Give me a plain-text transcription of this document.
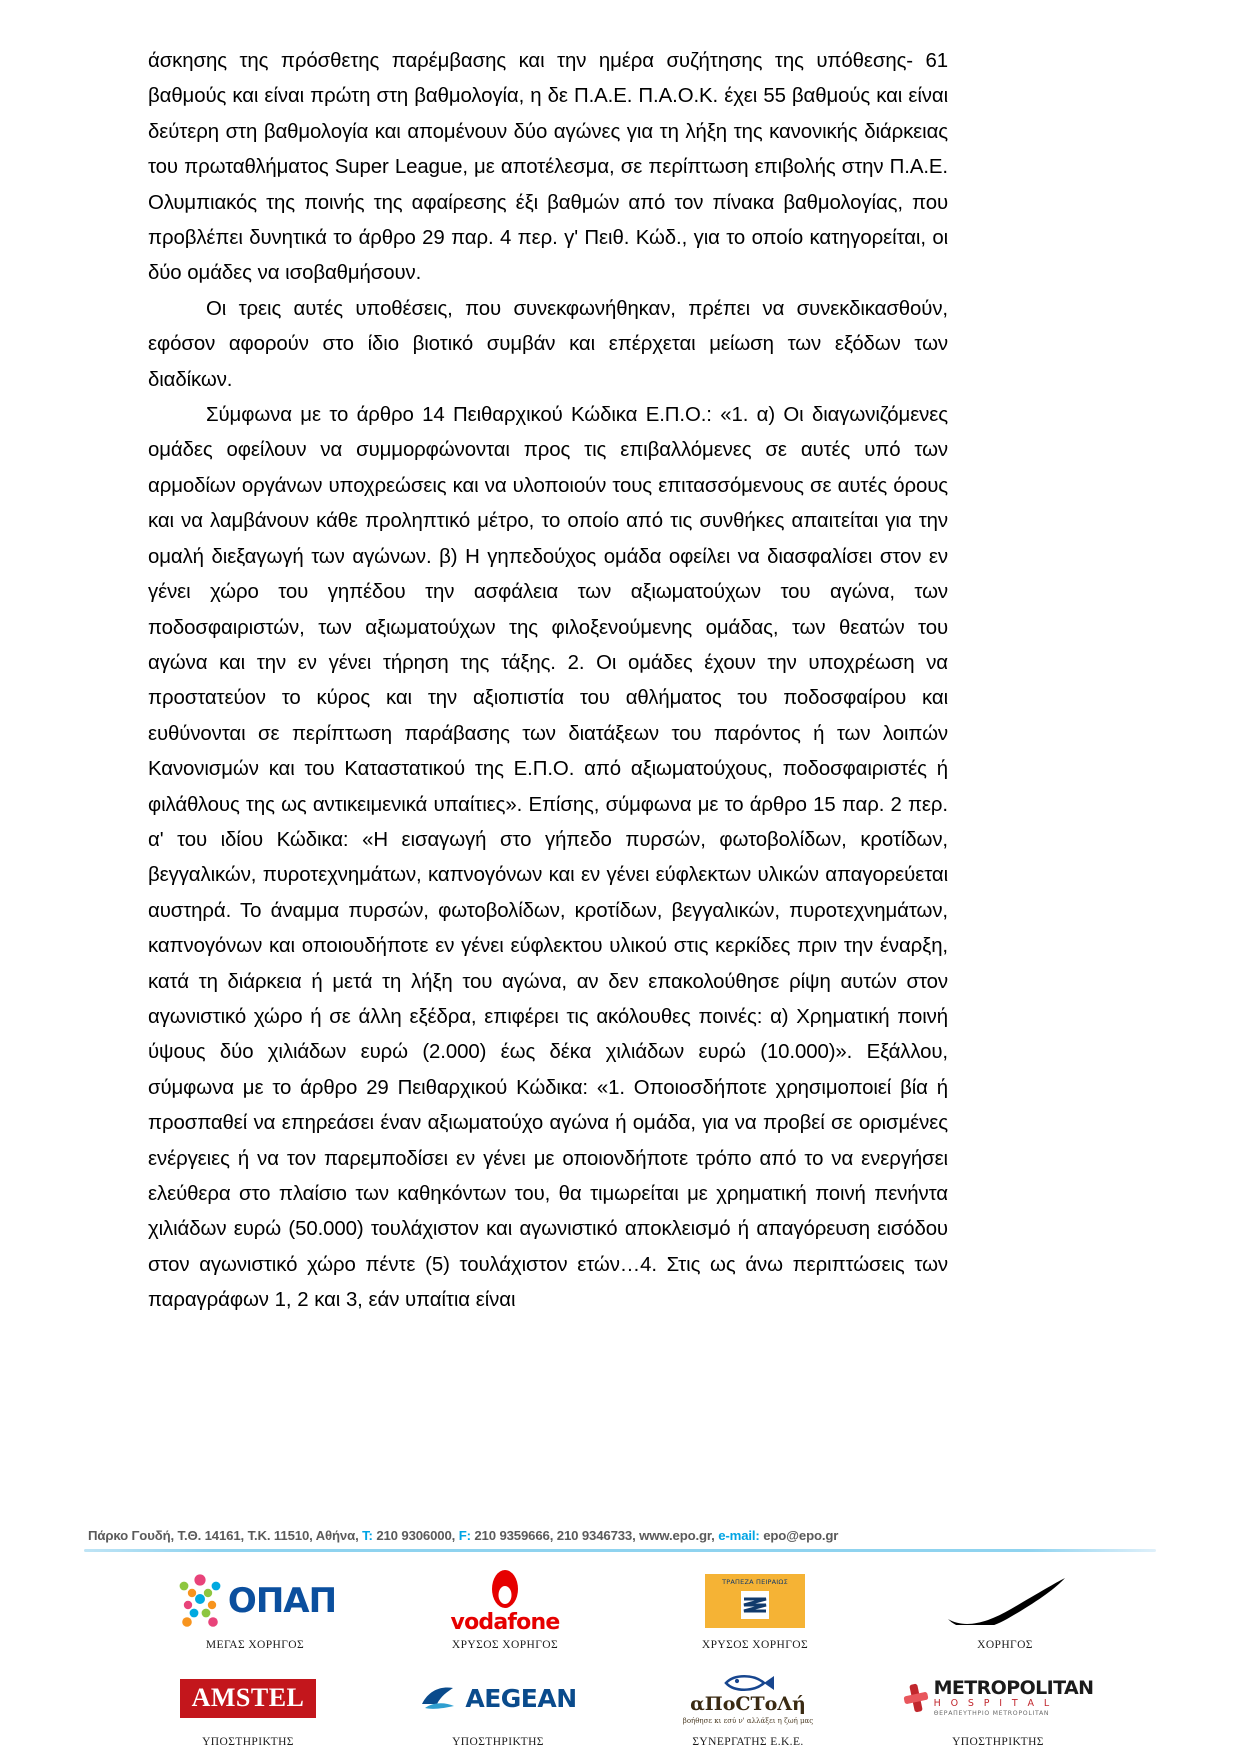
άσκησης της πρόσθετης παρέμβασης και την ημέρα συζήτησης της υπόθεσης- 61 βαθμούς και είναι πρώτη στη βαθμολογία, η δε Π.Α.Ε. Π.Α.Ο.Κ. έχει 55 βαθμούς και είναι δεύτερη στη βαθμολογία και απομένουν δύο αγώνες για τη λήξη της κανονικής διάρκειας του πρωταθλήματος Super League, με αποτέλεσμα, σε περίπτωση επιβολής στην Π.Α.Ε. Ολυμπιακός της ποινής της αφαίρεσης έξι βαθμών από τον πίνακα βαθμολογίας, που προβλέπει δυνητικά το άρθρο 29 παρ. 4 περ. γ' Πειθ. Κώδ., για το οποίο κατηγορείται, οι δύο ομάδες να ισοβαθμήσουν.

Οι τρεις αυτές υποθέσεις, που συνεκφωνήθηκαν, πρέπει να συνεκδικασθούν, εφόσον αφορούν στο ίδιο βιοτικό συμβάν και επέρχεται μείωση των εξόδων των διαδίκων.

Σύμφωνα με το άρθρο 14 Πειθαρχικού Κώδικα Ε.Π.Ο.: «1. α) Οι διαγωνιζόμενες ομάδες οφείλουν να συμμορφώνονται προς τις επιβαλλόμενες σε αυτές υπό των αρμοδίων οργάνων υποχρεώσεις και να υλοποιούν τους επιτασσόμενους σε αυτές όρους και να λαμβάνουν κάθε προληπτικό μέτρο, το οποίο από τις συνθήκες απαιτείται για την ομαλή διεξαγωγή των αγώνων. β) Η γηπεδούχος ομάδα οφείλει να διασφαλίσει στον εν γένει χώρο του γηπέδου την ασφάλεια των αξιωματούχων του αγώνα, των ποδοσφαιριστών, των αξιωματούχων της φιλοξενούμενης ομάδας, των θεατών του αγώνα και την εν γένει τήρηση της τάξης. 2. Οι ομάδες έχουν την υποχρέωση να προστατεύον το κύρος και την αξιοπιστία του αθλήματος του ποδοσφαίρου και ευθύνονται σε περίπτωση παράβασης των διατάξεων του παρόντος ή των λοιπών Κανονισμών και του Καταστατικού της Ε.Π.Ο. από αξιωματούχους, ποδοσφαιριστές ή φιλάθλους της ως αντικειμενικά υπαίτιες». Επίσης, σύμφωνα με το άρθρο 15 παρ. 2 περ. α' του ιδίου Κώδικα: «Η εισαγωγή στο γήπεδο πυρσών, φωτοβολίδων, κροτίδων, βεγγαλικών, πυροτεχνημάτων, καπνογόνων και εν γένει εύφλεκτων υλικών απαγορεύεται αυστηρά. Το άναμμα πυρσών, φωτοβολίδων, κροτίδων, βεγγαλικών, πυροτεχνημάτων, καπνογόνων και οποιουδήποτε εν γένει εύφλεκτου υλικού στις κερκίδες πριν την έναρξη, κατά τη διάρκεια ή μετά τη λήξη του αγώνα, αν δεν επακολούθησε ρίψη αυτών στον αγωνιστικό χώρο ή σε άλλη εξέδρα, επιφέρει τις ακόλουθες ποινές: α) Χρηματική ποινή ύψους δύο χιλιάδων ευρώ (2.000) έως δέκα χιλιάδων ευρώ (10.000)». Εξάλλου, σύμφωνα με το άρθρο 29 Πειθαρχικού Κώδικα: «1. Οποιοσδήποτε χρησιμοποιεί βία ή προσπαθεί να επηρεάσει έναν αξιωματούχο αγώνα ή ομάδα, για να προβεί σε ορισμένες ενέργειες ή να τον παρεμποδίσει εν γένει με οποιονδήποτε τρόπο από το να ενεργήσει ελεύθερα στο πλαίσιο των καθηκόντων του, θα τιμωρείται με χρηματική ποινή πενήντα χιλιάδων ευρώ (50.000) τουλάχιστον και αγωνιστικό αποκλεισμό ή απαγόρευση εισόδου στον αγωνιστικό χώρο πέντε (5) τουλάχιστον ετών…4. Στις ως άνω περιπτώσεις των παραγράφων 1, 2 και 3, εάν υπαίτια είναι

Πάρκο Γουδή, Τ.Θ. 14161, Τ.Κ. 11510, Αθήνα, T: 210 9306000, F: 210 9359666, 210 9346733, www.epo.gr, e-mail: epo@epo.gr
ΟΠΑΠ
ΜΕΓΑΣ ΧΟΡΗΓΟΣ
vodafone
ΧΡΥΣΟΣ ΧΟΡΗΓΟΣ
ΤΡΑΠΕΖΑ ΠΕΙΡΑΙΩΣ
ΧΡΥΣΟΣ ΧΟΡΗΓΟΣ	ΧΟΡΗΓΟΣ
AMSTEL
ΥΠΟΣΤΗΡΙΚΤΗΣ
AEGEAN
ΥΠΟΣΤΗΡΙΚΤΗΣ
αΠοCΤοΛή
βοήθησε κι εσύ ν' αλλάξει η ζωή μας
ΣΥΝΕΡΓΑΤΗΣ Ε.Κ.Ε.
METROPOLITAN
H O S P I T A L
ΘΕΡΑΠΕΥΤΗΡΙΟ METROPOLITAN
ΥΠΟΣΤΗΡΙΚΤΗΣ
